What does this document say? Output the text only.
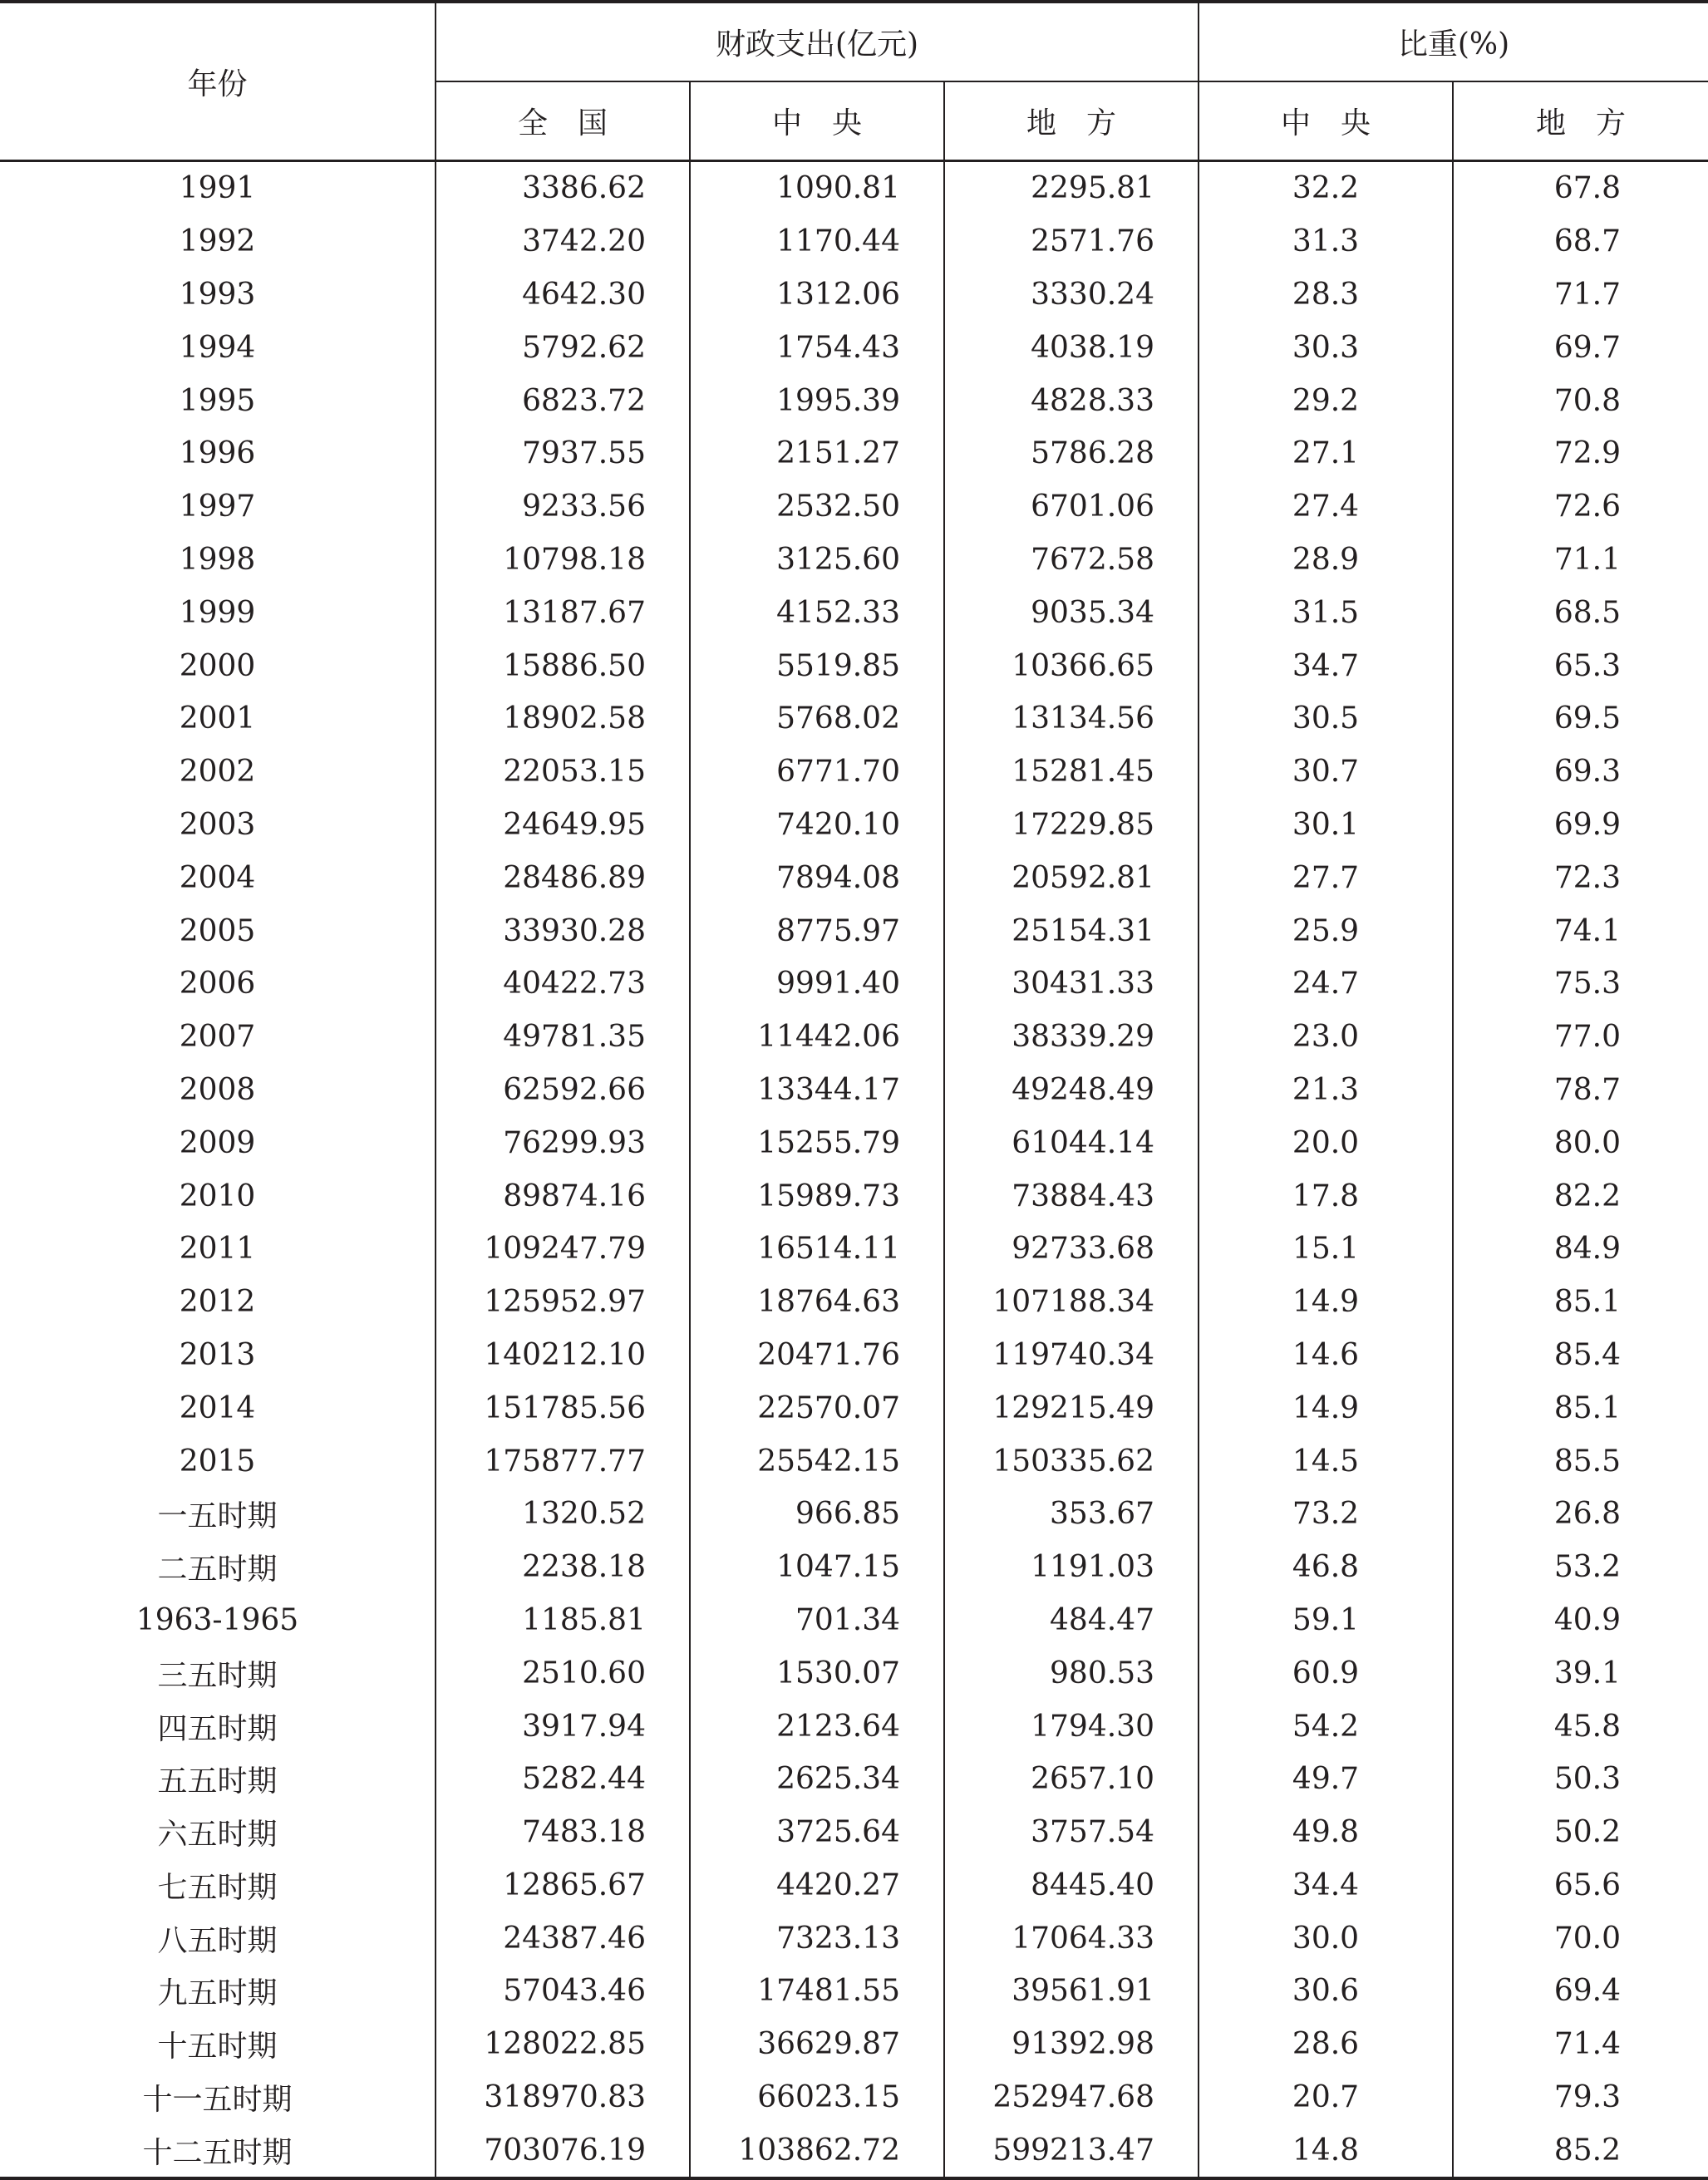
年份	财政支出(亿元)			比重(%)	
	全　国	中　央	地　方	中　央	地　方
1991	3386.62	1090.81	2295.81	32.2	67.8
1992	3742.20	1170.44	2571.76	31.3	68.7
1993	4642.30	1312.06	3330.24	28.3	71.7
1994	5792.62	1754.43	4038.19	30.3	69.7
1995	6823.72	1995.39	4828.33	29.2	70.8
1996	7937.55	2151.27	5786.28	27.1	72.9
1997	9233.56	2532.50	6701.06	27.4	72.6
1998	10798.18	3125.60	7672.58	28.9	71.1
1999	13187.67	4152.33	9035.34	31.5	68.5
2000	15886.50	5519.85	10366.65	34.7	65.3
2001	18902.58	5768.02	13134.56	30.5	69.5
2002	22053.15	6771.70	15281.45	30.7	69.3
2003	24649.95	7420.10	17229.85	30.1	69.9
2004	28486.89	7894.08	20592.81	27.7	72.3
2005	33930.28	8775.97	25154.31	25.9	74.1
2006	40422.73	9991.40	30431.33	24.7	75.3
2007	49781.35	11442.06	38339.29	23.0	77.0
2008	62592.66	13344.17	49248.49	21.3	78.7
2009	76299.93	15255.79	61044.14	20.0	80.0
2010	89874.16	15989.73	73884.43	17.8	82.2
2011	109247.79	16514.11	92733.68	15.1	84.9
2012	125952.97	18764.63	107188.34	14.9	85.1
2013	140212.10	20471.76	119740.34	14.6	85.4
2014	151785.56	22570.07	129215.49	14.9	85.1
2015	175877.77	25542.15	150335.62	14.5	85.5
一五时期	1320.52	966.85	353.67	73.2	26.8
二五时期	2238.18	1047.15	1191.03	46.8	53.2
1963-1965	1185.81	701.34	484.47	59.1	40.9
三五时期	2510.60	1530.07	980.53	60.9	39.1
四五时期	3917.94	2123.64	1794.30	54.2	45.8
五五时期	5282.44	2625.34	2657.10	49.7	50.3
六五时期	7483.18	3725.64	3757.54	49.8	50.2
七五时期	12865.67	4420.27	8445.40	34.4	65.6
八五时期	24387.46	7323.13	17064.33	30.0	70.0
九五时期	57043.46	17481.55	39561.91	30.6	69.4
十五时期	128022.85	36629.87	91392.98	28.6	71.4
十一五时期	318970.83	66023.15	252947.68	20.7	79.3
十二五时期	703076.19	103862.72	599213.47	14.8	85.2
